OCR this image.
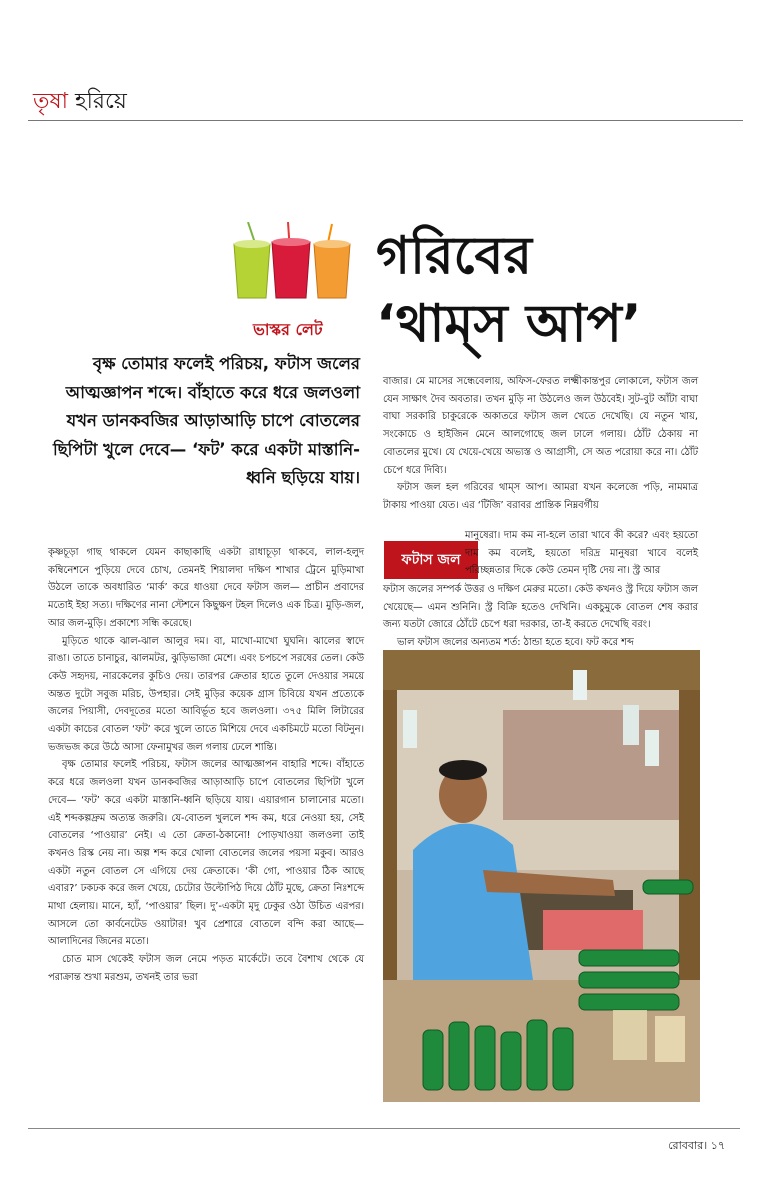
তৃষা হরিয়ে
গরিবের
‘থাম্‌স আপ’
ভাস্কর লেট
বৃক্ষ তোমার ফলেই পরিচয়, ফটাস জলের আত্মজ্ঞাপন শব্দে। বাঁহাতে করে ধরে জলওলা যখন ডানকবজির আড়াআড়ি চাপে বোতলের ছিপিটা খুলে দেবে— ‘ফট’ করে একটা মাস্তানি-ধ্বনি ছড়িয়ে যায়।

কৃষ্ণচূড়া গাছ থাকলে যেমন কাছাকাছি একটা রাধাচূড়া থাকবে, লাল-হলুদ কম্বিনেশনে পুড়িয়ে দেবে চোখ, তেমনই শিয়ালদা দক্ষিণ শাখার ট্রেনে মুড়িমাখা উঠলে তাকে অবধারিত ‘মার্ক’ করে ধাওয়া দেবে ফটাস জল— প্রাচীন প্রবাদের মতোই ইহা সত্য। দক্ষিণের নানা স্টেশনে কিছুক্ষণ টহল দিলেও এক চিত্র। মুড়ি-জল, আর জল-মুড়ি। প্রকাশ্যে সন্ধি করেছে।

মুড়িতে থাকে ঝাল-ঝাল আলুর দম। বা, মাখো-মাখো ঘুঘনি। ঝালের স্বাদে রাঙা। তাতে চানাচুর, ঝালমটর, ঝুড়িভাজা মেশে। এবং চপচপে সরষের তেল। কেউ কেউ সহৃদয়, নারকেলের কুচিও দেয়। তারপর ক্রেতার হাতে তুলে দেওয়ার সময়ে অন্তত দুটো সবুজ মরিচ, উপহার। সেই মুড়ির কয়েক গ্রাস চিবিয়ে যখন প্রত্যেকে জলের পিয়াসী, দেবদূতের মতো আবির্ভূত হবে জলওলা। ৩৭৫ মিলি লিটারের একটা কাচের বোতল ‘ফট’ করে খুলে তাতে মিশিয়ে দেবে একচিমটে মতো বিটনুন। ভজভজ করে উঠে আসা ফেনামুখর জল গলায় ঢেলে শান্তি।

বৃক্ষ তোমার ফলেই পরিচয়, ফটাস জলের আত্মজ্ঞাপন বাহারি শব্দে। বাঁহাতে করে ধরে জলওলা যখন ডানকবজির আড়াআড়ি চাপে বোতলের ছিপিটা খুলে দেবে— ‘ফট’ করে একটা মাস্তানি-ধ্বনি ছড়িয়ে যায়। এয়ারগান চালানোর মতো। এই শব্দকল্পদ্রুম অত্যন্ত জরুরি। যে-বোতল খুললে শব্দ কম, ধরে নেওয়া হয়, সেই বোতলের ‘পাওয়ার’ নেই। এ তো ক্রেতা-ঠকানো! পোড়খাওয়া জলওলা তাই কখনও রিস্ক নেয় না। অল্প শব্দ করে খোলা বোতলের জলের পয়সা মকুব। আরও একটা নতুন বোতল সে এগিয়ে দেয় ক্রেতাকে। ‘কী গো, পাওয়ার ঠিক আছে এবার?’ ঢকঢক করে জল খেয়ে, চেটোর উল্টোপিঠ দিয়ে ঠোঁট মুছে, ক্রেতা নিঃশব্দে মাথা হেলায়। মানে, হ্যাঁ, ‘পাওয়ার’ ছিল। দু’-একটা মৃদু ঢেকুর ওঠা উচিত এরপর। আসলে তো কার্বনেটেড ওয়াটার! খুব প্রেশারে বোতলে বন্দি করা আছে— আলাদিনের জিনের মতো।

চোত মাস থেকেই ফটাস জল নেমে পড়ত মার্কেটে। তবে বৈশাখ থেকে যে পরাক্রান্ত শুখা মরশুম, তখনই তার ভরা

বাজার। মে মাসের সন্ধেবেলায়, অফিস-ফেরত লক্ষ্মীকান্তপুর লোকালে, ফটাস জল যেন সাক্ষাৎ দৈব অবতার। তখন মুড়ি না উঠলেও জল উঠবেই। সুট-বুট আঁটা বাঘা বাঘা সরকারি চাকুরেকে অকাতরে ফটাস জল খেতে দেখেছি। যে নতুন খায়, সংকোচে ও হাইজিন মেনে আলগোছে জল ঢালে গলায়। ঠোঁট ঠেকায় না বোতলের মুখে। যে খেয়ে-খেয়ে অভ্যস্ত ও আগ্রাসী, সে অত পরোয়া করে না। ঠোঁট চেপে ধরে দিব্যি।

ফটাস জল হল গরিবের থাম্‌স আপ। আমরা যখন কলেজে পড়ি, নামমাত্র টাকায় পাওয়া যেত। এর ‘টিজি’ বরাবর প্রান্তিক নিম্নবর্গীয়

ফটাস জল

মানুষেরা। দাম কম না-হলে তারা খাবে কী করে? এবং হয়তো দাম কম বলেই, হয়তো দরিদ্র মানুষরা খাবে বলেই পরিচ্ছন্নতার দিকে কেউ তেমন দৃষ্টি দেয় না। স্ট্র আর

ফটাস জলের সম্পর্ক উত্তর ও দক্ষিণ মেরুর মতো। কেউ কখনও স্ট্র দিয়ে ফটাস জল খেয়েছে— এমন শুনিনি। স্ট্র বিক্রি হতেও দেখিনি। একচুমুকে বোতল শেষ করার জন্য যতটা জোরে ঠোঁটে চেপে ধরা দরকার, তা-ই করতে দেখেছি বরং।

ভাল ফটাস জলের অন্যতম শর্ত: ঠান্ডা হতে হবে। ফট করে শব্দ

রোববার। ১৭
